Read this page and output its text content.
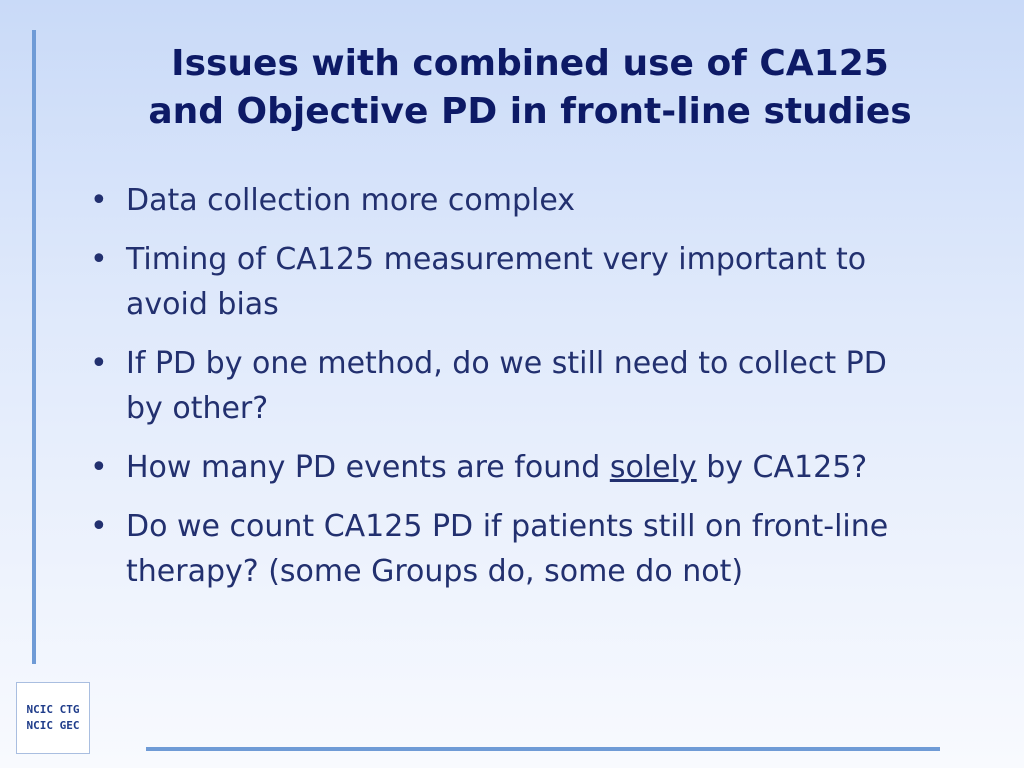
Issues with combined use of CA125
and Objective PD in front-line studies
• Data collection more complex
• Timing of CA125 measurement very important to avoid bias
• If PD by one method, do we still need to collect PD by other?
• How many PD events are found solely by CA125?
• Do we count CA125 PD if patients still on front-line therapy? (some Groups do, some do not)
NCIC CTG
NCIC GEC
